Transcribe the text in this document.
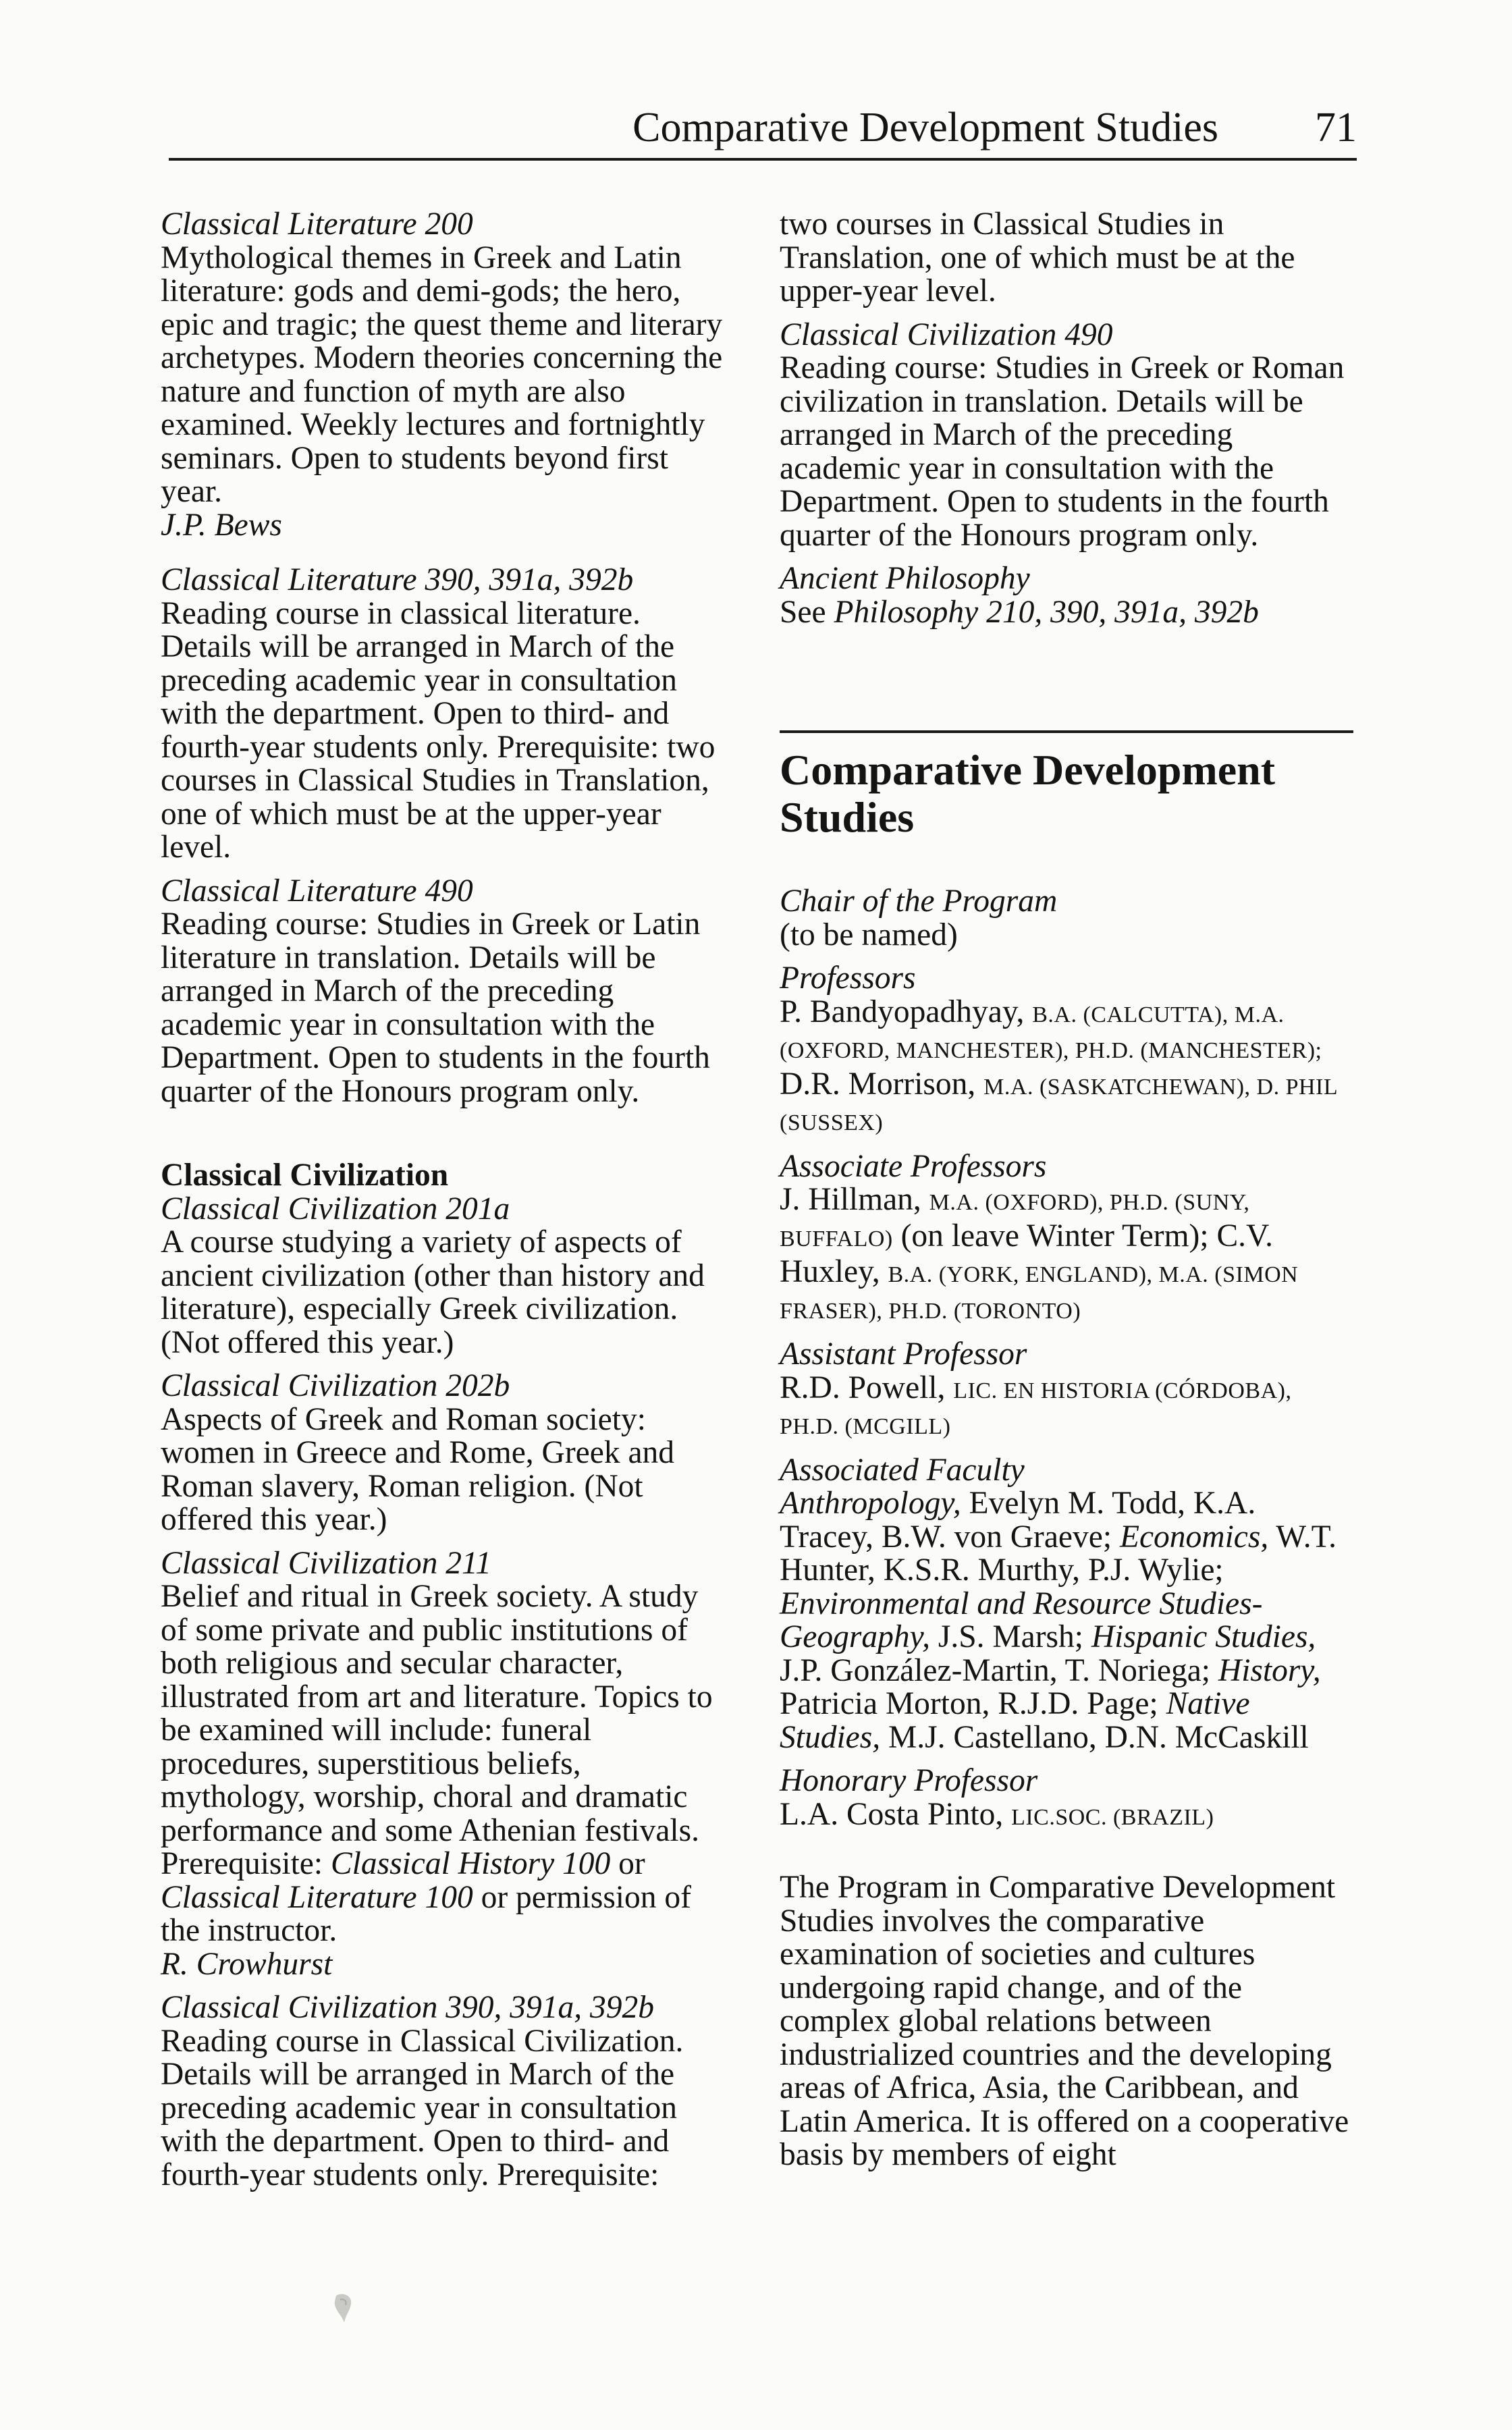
Comparative Development Studies 71
Classical Literature 200
Mythological themes in Greek and Latin literature: gods and demi-gods; the hero, epic and tragic; the quest theme and literary archetypes. Modern theories concerning the nature and function of myth are also examined. Weekly lectures and fortnightly seminars. Open to students beyond first year.
J.P. Bews
Classical Literature 390, 391a, 392b
Reading course in classical literature. Details will be arranged in March of the preceding academic year in consultation with the department. Open to third- and fourth-year students only. Prerequisite: two courses in Classical Studies in Translation, one of which must be at the upper-year level.
Classical Literature 490
Reading course: Studies in Greek or Latin literature in translation. Details will be arranged in March of the preceding academic year in consultation with the Department. Open to students in the fourth quarter of the Honours program only.
Classical Civilization
Classical Civilization 201a
A course studying a variety of aspects of ancient civilization (other than history and literature), especially Greek civilization. (Not offered this year.)
Classical Civilization 202b
Aspects of Greek and Roman society: women in Greece and Rome, Greek and Roman slavery, Roman religion. (Not offered this year.)
Classical Civilization 211
Belief and ritual in Greek society. A study of some private and public institutions of both religious and secular character, illustrated from art and literature. Topics to be examined will include: funeral procedures, superstitious beliefs, mythology, worship, choral and dramatic performance and some Athenian festivals. Prerequisite: Classical History 100 or Classical Literature 100 or permission of the instructor.
R. Crowhurst
Classical Civilization 390, 391a, 392b
Reading course in Classical Civilization. Details will be arranged in March of the preceding academic year in consultation with the department. Open to third- and fourth-year students only. Prerequisite:
two courses in Classical Studies in Translation, one of which must be at the upper-year level.
Classical Civilization 490
Reading course: Studies in Greek or Roman civilization in translation. Details will be arranged in March of the preceding academic year in consultation with the Department. Open to students in the fourth quarter of the Honours program only.
Ancient Philosophy
See Philosophy 210, 390, 391a, 392b
Comparative Development Studies
Chair of the Program
(to be named)
Professors
P. Bandyopadhyay, B.A. (CALCUTTA), M.A. (OXFORD, MANCHESTER), PH.D. (MANCHESTER); D.R. Morrison, M.A. (SASKATCHEWAN), D. PHIL (SUSSEX)
Associate Professors
J. Hillman, M.A. (OXFORD), PH.D. (SUNY, BUFFALO) (on leave Winter Term); C.V. Huxley, B.A. (YORK, ENGLAND), M.A. (SIMON FRASER), PH.D. (TORONTO)
Assistant Professor
R.D. Powell, LIC. EN HISTORIA (CÓRDOBA), PH.D. (MCGILL)
Associated Faculty
Anthropology, Evelyn M. Todd, K.A. Tracey, B.W. von Graeve; Economics, W.T. Hunter, K.S.R. Murthy, P.J. Wylie; Environmental and Resource Studies-Geography, J.S. Marsh; Hispanic Studies, J.P. González-Martin, T. Noriega; History, Patricia Morton, R.J.D. Page; Native Studies, M.J. Castellano, D.N. McCaskill
Honorary Professor
L.A. Costa Pinto, LIC.SOC. (BRAZIL)
The Program in Comparative Development Studies involves the comparative examination of societies and cultures undergoing rapid change, and of the complex global relations between industrialized countries and the developing areas of Africa, Asia, the Caribbean, and Latin America. It is offered on a cooperative basis by members of eight
